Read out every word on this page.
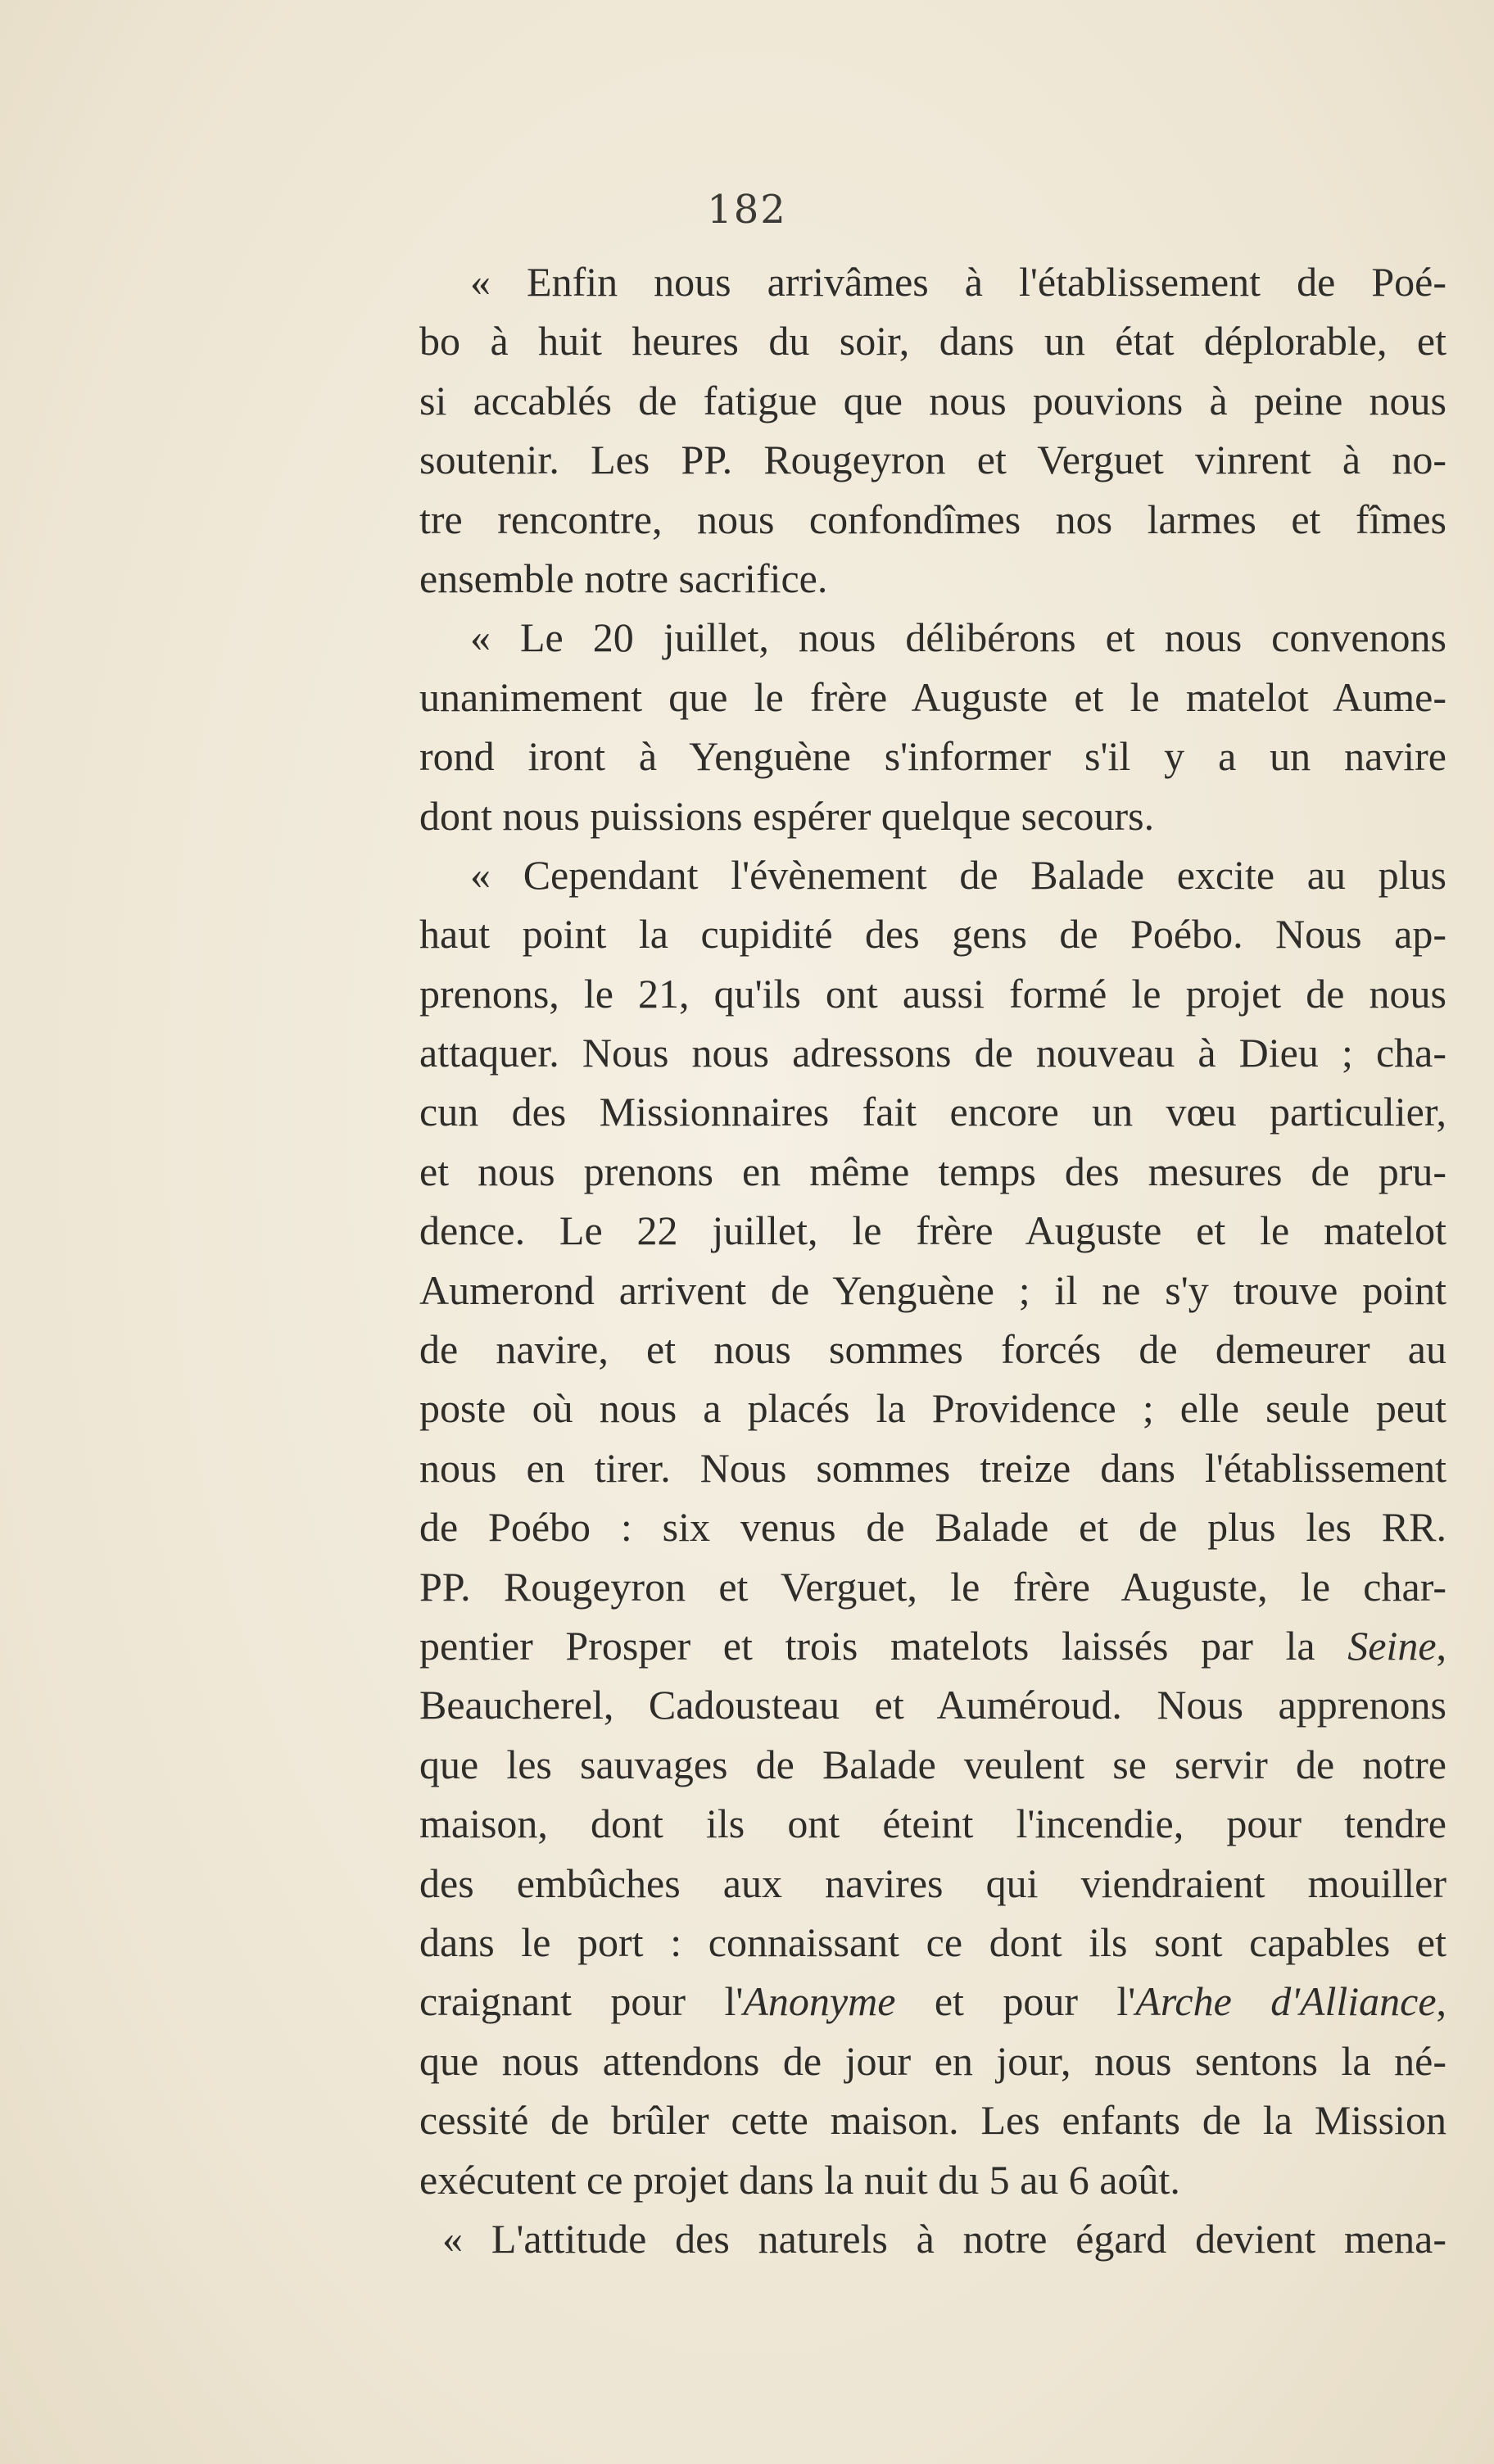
182
« Enfin nous arrivâmes à l'établissement de Poé-
bo à huit heures du soir, dans un état déplorable, et
si accablés de fatigue que nous pouvions à peine nous
soutenir. Les PP. Rougeyron et Verguet vinrent à no-
tre rencontre, nous confondîmes nos larmes et fîmes
ensemble notre sacrifice.
« Le 20 juillet, nous délibérons et nous convenons
unanimement que le frère Auguste et le matelot Aume-
rond iront à Yenguène s'informer s'il y a un navire
dont nous puissions espérer quelque secours.
« Cependant l'évènement de Balade excite au plus
haut point la cupidité des gens de Poébo. Nous ap-
prenons, le 21, qu'ils ont aussi formé le projet de nous
attaquer. Nous nous adressons de nouveau à Dieu ; cha-
cun des Missionnaires fait encore un vœu particulier,
et nous prenons en même temps des mesures de pru-
dence. Le 22 juillet, le frère Auguste et le matelot
Aumerond arrivent de Yenguène ; il ne s'y trouve point
de navire, et nous sommes forcés de demeurer au
poste où nous a placés la Providence ; elle seule peut
nous en tirer. Nous sommes treize dans l'établissement
de Poébo : six venus de Balade et de plus les RR.
PP. Rougeyron et Verguet, le frère Auguste, le char-
pentier Prosper et trois matelots laissés par la Seine,
Beaucherel, Cadousteau et Auméroud. Nous apprenons
que les sauvages de Balade veulent se servir de notre
maison, dont ils ont éteint l'incendie, pour tendre
des embûches aux navires qui viendraient mouiller
dans le port : connaissant ce dont ils sont capables et
craignant pour l'Anonyme et pour l'Arche d'Alliance,
que nous attendons de jour en jour, nous sentons la né-
cessité de brûler cette maison. Les enfants de la Mission
exécutent ce projet dans la nuit du 5 au 6 août.
« L'attitude des naturels à notre égard devient mena-
